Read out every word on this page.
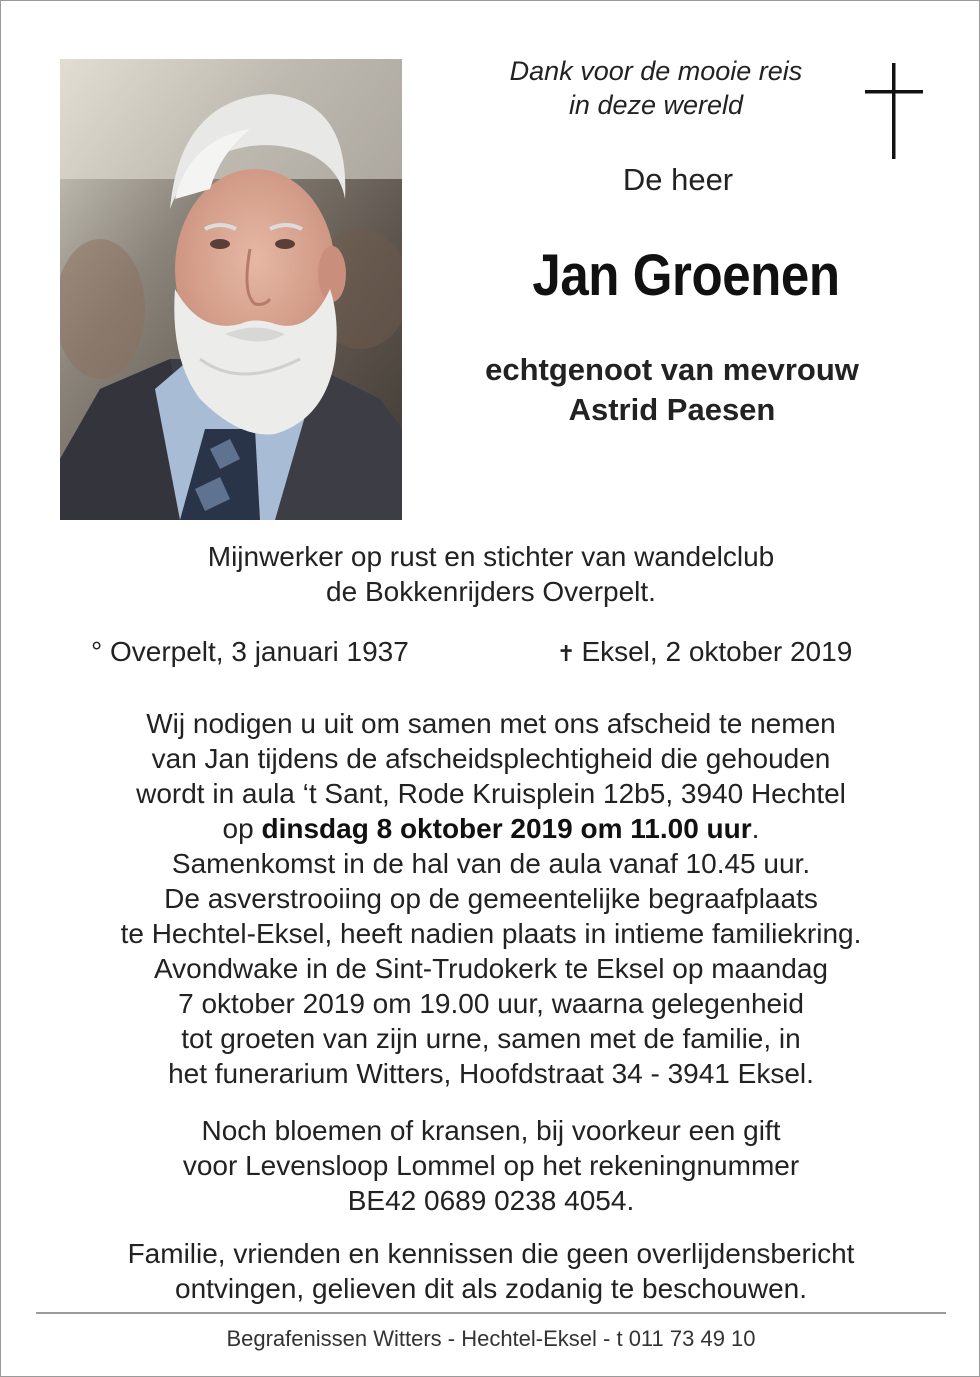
Dank voor de mooie reis
in deze wereld
De heer
Jan Groenen
echtgenoot van mevrouw
Astrid Paesen

Mijnwerker op rust en stichter van wandelclub

de Bokkenrijders Overpelt.

° Overpelt, 3 januari 1937	✝ Eksel, 2 oktober 2019

Wij nodigen u uit om samen met ons afscheid te nemen

van Jan tijdens de afscheidsplechtigheid die gehouden

wordt in aula ‘t Sant, Rode Kruisplein 12b5, 3940 Hechtel

op dinsdag 8 oktober 2019 om 11.00 uur.

Samenkomst in de hal van de aula vanaf 10.45 uur.

De asverstrooiing op de gemeentelijke begraafplaats

te Hechtel-Eksel, heeft nadien plaats in intieme familiekring.

Avondwake in de Sint-Trudokerk te Eksel op maandag

7 oktober 2019 om 19.00 uur, waarna gelegenheid

tot groeten van zijn urne, samen met de familie, in

het funerarium Witters, Hoofdstraat 34 - 3941 Eksel.

Noch bloemen of kransen, bij voorkeur een gift

voor Levensloop Lommel op het rekeningnummer

BE42 0689 0238 4054.

Familie, vrienden en kennissen die geen overlijdensbericht

ontvingen, gelieven dit als zodanig te beschouwen.

Begrafenissen Witters - Hechtel-Eksel - t 011 73 49 10
